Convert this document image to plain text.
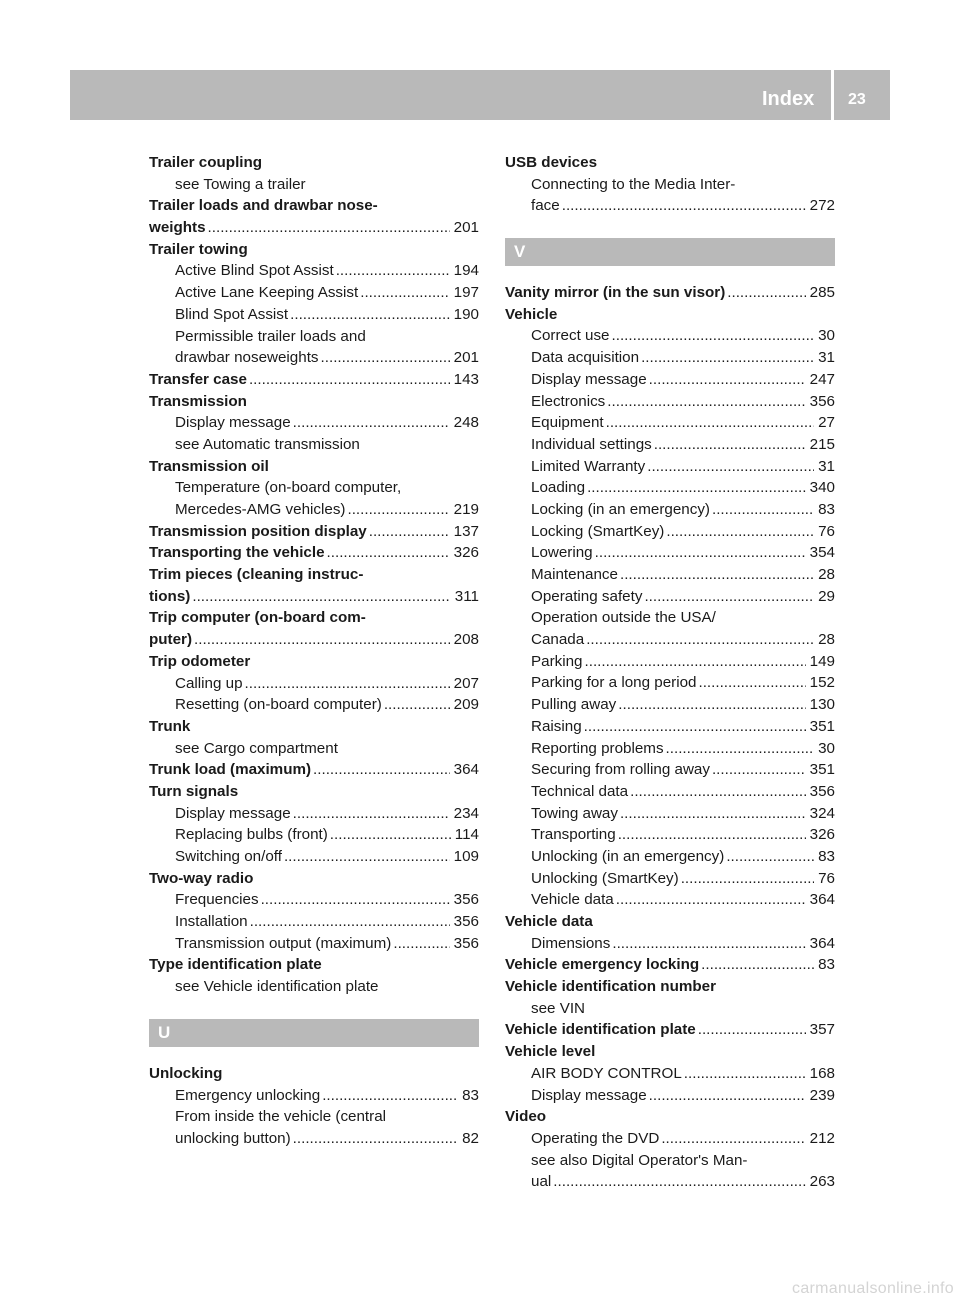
Index 23
Trailer coupling
see Towing a trailer
Trailer loads and drawbar nose-
weights .....	201
Trailer towing
Active Blind Spot Assist .....	194
Active Lane Keeping Assist .....	197
Blind Spot Assist .....	190
Permissible trailer loads and
drawbar noseweights .....	201
Transfer case .....	143
Transmission
Display message .....	248
see Automatic transmission
Transmission oil
Temperature (on-board computer,
Mercedes-AMG vehicles) .....	219
Transmission position display .....	137
Transporting the vehicle .....	326
Trim pieces (cleaning instruc-
tions) .....	311
Trip computer (on-board com-
puter) .....	208
Trip odometer
Calling up .....	207
Resetting (on-board computer) .....	209
Trunk
see Cargo compartment
Trunk load (maximum) .....	364
Turn signals
Display message .....	234
Replacing bulbs (front) .....	114
Switching on/off .....	109
Two-way radio
Frequencies .....	356
Installation .....	356
Transmission output (maximum) .....	356
Type identification plate
see Vehicle identification plate
U
Unlocking
Emergency unlocking .....	83
From inside the vehicle (central
unlocking button) .....	82
USB devices
Connecting to the Media Inter-
face .....	272
V
Vanity mirror (in the sun visor) .....	285
Vehicle
Correct use .....	30
Data acquisition .....	31
Display message .....	247
Electronics .....	356
Equipment .....	27
Individual settings .....	215
Limited Warranty .....	31
Loading .....	340
Locking (in an emergency) .....	83
Locking (SmartKey) .....	76
Lowering .....	354
Maintenance .....	28
Operating safety .....	29
Operation outside the USA/
Canada .....	28
Parking .....	149
Parking for a long period .....	152
Pulling away .....	130
Raising .....	351
Reporting problems .....	30
Securing from rolling away .....	351
Technical data .....	356
Towing away .....	324
Transporting .....	326
Unlocking (in an emergency) .....	83
Unlocking (SmartKey) .....	76
Vehicle data .....	364
Vehicle data
Dimensions .....	364
Vehicle emergency locking .....	83
Vehicle identification number
see VIN
Vehicle identification plate .....	357
Vehicle level
AIR BODY CONTROL .....	168
Display message .....	239
Video
Operating the DVD .....	212
see also Digital Operator's Man-
ual .....	263
carmanualsonline.info
